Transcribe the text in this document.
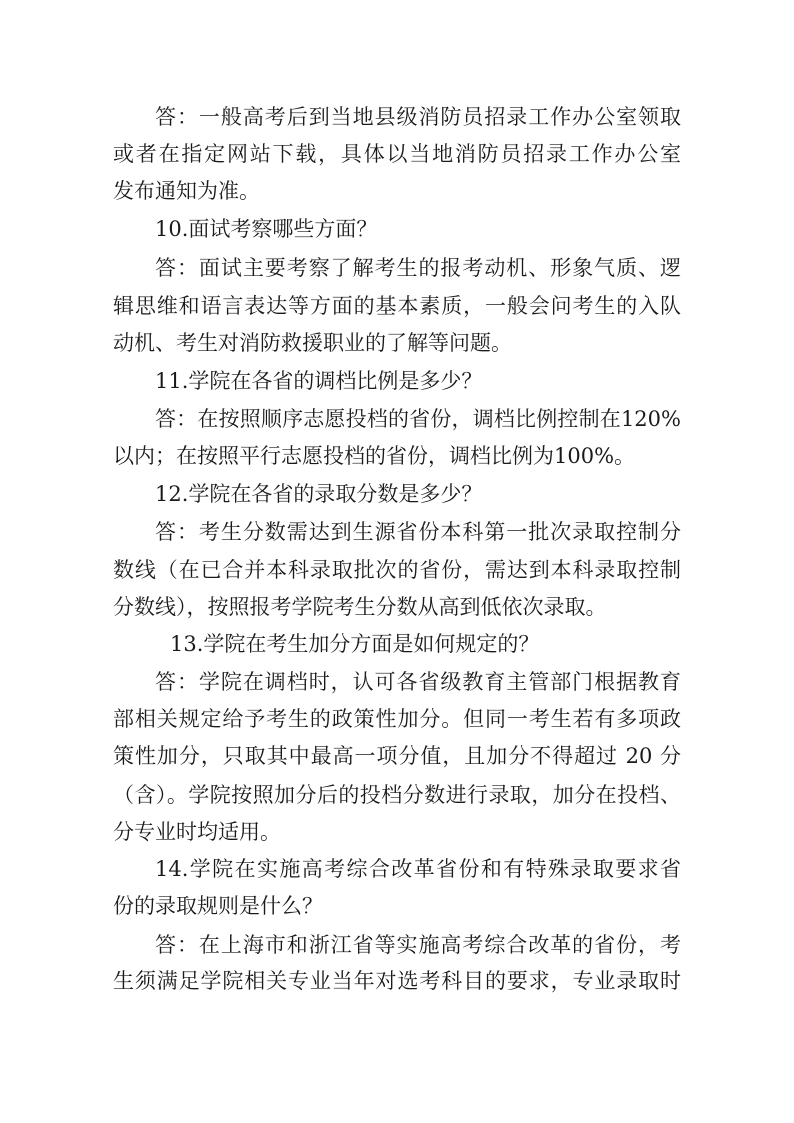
答：一般高考后到当地县级消防员招录工作办公室领取
或者在指定网站下载，具体以当地消防员招录工作办公室
发布通知为准。
10.面试考察哪些方面？
答：面试主要考察了解考生的报考动机、形象气质、逻
辑思维和语言表达等方面的基本素质，一般会问考生的入队
动机、考生对消防救援职业的了解等问题。
11.学院在各省的调档比例是多少？
答：在按照顺序志愿投档的省份，调档比例控制在120%
以内；在按照平行志愿投档的省份，调档比例为100%。
12.学院在各省的录取分数是多少？
答：考生分数需达到生源省份本科第一批次录取控制分
数线（在已合并本科录取批次的省份，需达到本科录取控制
分数线），按照报考学院考生分数从高到低依次录取。
13.学院在考生加分方面是如何规定的？
答：学院在调档时，认可各省级教育主管部门根据教育
部相关规定给予考生的政策性加分。但同一考生若有多项政
策性加分，只取其中最高一项分值，且加分不得超过 20 分
（含）。学院按照加分后的投档分数进行录取，加分在投档、
分专业时均适用。
14.学院在实施高考综合改革省份和有特殊录取要求省
份的录取规则是什么？
答：在上海市和浙江省等实施高考综合改革的省份，考
生须满足学院相关专业当年对选考科目的要求，专业录取时
